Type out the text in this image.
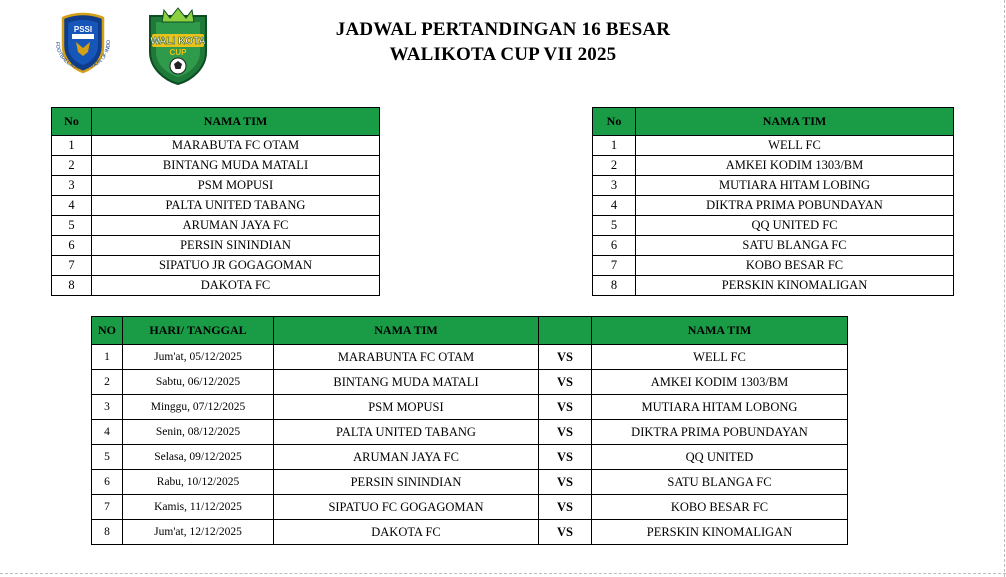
PSSI
FOOTBALL ASSOCIATION OF INDO	WALI KOTA
CUP
JADWAL PERTANDINGAN 16 BESAR
WALIKOTA CUP VII 2025
No	NAMA TIM
1	MARABUTA FC OTAM
2	BINTANG MUDA MATALI
3	PSM MOPUSI
4	PALTA UNITED TABANG
5	ARUMAN JAYA FC
6	PERSIN SININDIAN
7	SIPATUO JR GOGAGOMAN
8	DAKOTA FC
No	NAMA TIM
1	WELL FC
2	AMKEI KODIM 1303/BM
3	MUTIARA HITAM LOBING
4	DIKTRA PRIMA POBUNDAYAN
5	QQ UNITED FC
6	SATU BLANGA FC
7	KOBO BESAR FC
8	PERSKIN KINOMALIGAN
NO	HARI/ TANGGAL	NAMA TIM		NAMA TIM
1	Jum'at, 05/12/2025	MARABUNTA FC OTAM	VS	WELL FC
2	Sabtu, 06/12/2025	BINTANG MUDA MATALI	VS	AMKEI KODIM 1303/BM
3	Minggu, 07/12/2025	PSM MOPUSI	VS	MUTIARA HITAM LOBONG
4	Senin, 08/12/2025	PALTA UNITED TABANG	VS	DIKTRA PRIMA POBUNDAYAN
5	Selasa, 09/12/2025	ARUMAN JAYA FC	VS	QQ UNITED
6	Rabu, 10/12/2025	PERSIN SININDIAN	VS	SATU BLANGA FC
7	Kamis, 11/12/2025	SIPATUO FC GOGAGOMAN	VS	KOBO BESAR FC
8	Jum'at, 12/12/2025	DAKOTA FC	VS	PERSKIN KINOMALIGAN
